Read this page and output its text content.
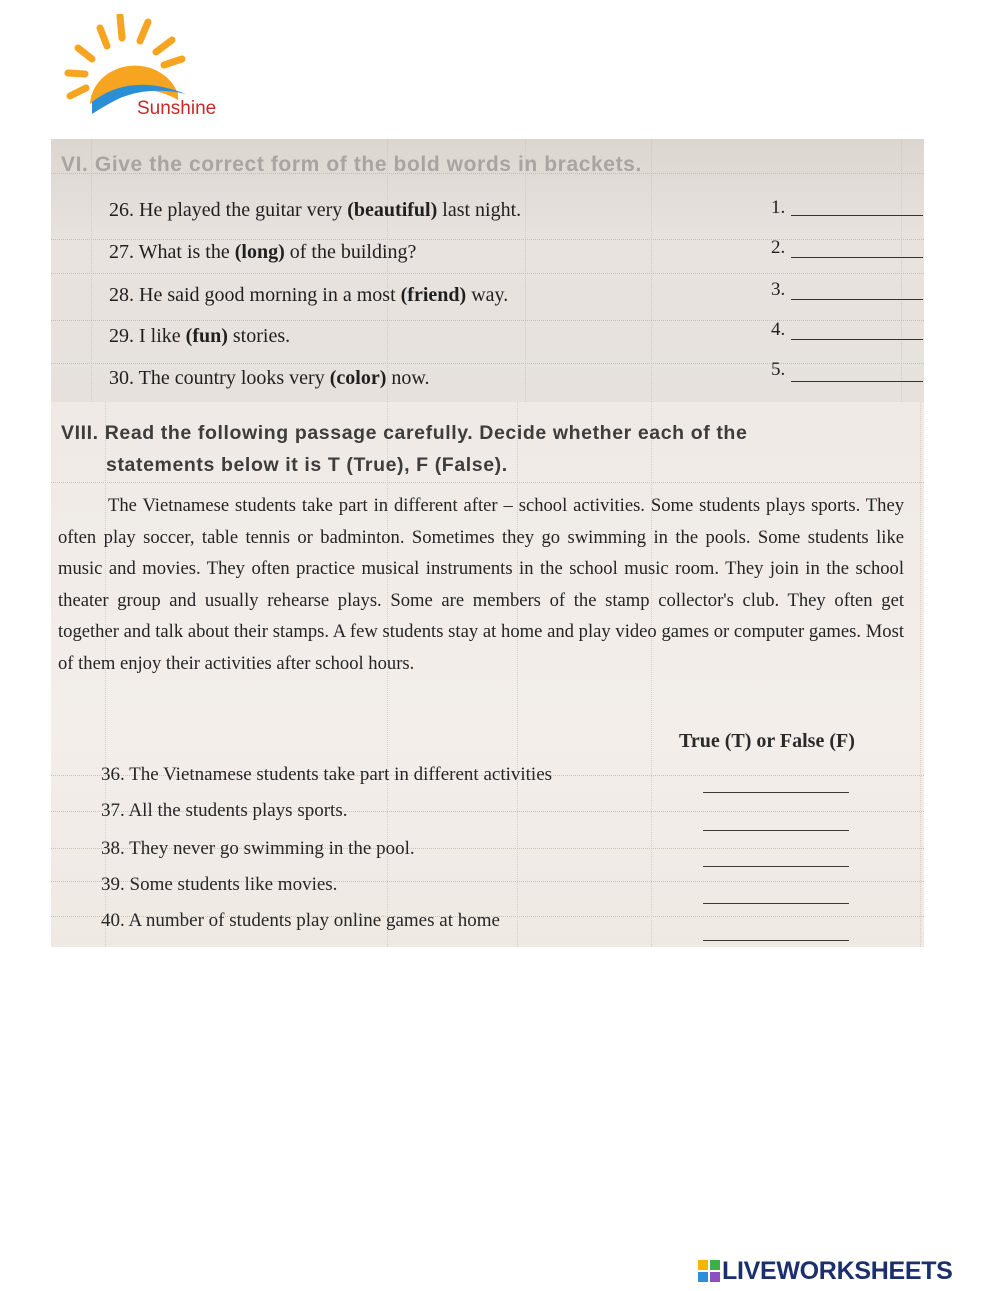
Sunshine
VI. Give the correct form of the bold words in brackets.
26. He played the guitar very (beautiful) last night.	1.
27. What is the (long) of the building?	2.
28. He said good morning in a most (friend) way.	3.
29. I like (fun) stories.	4.
30. The country looks very (color) now.	5.
VIII. Read the following passage carefully. Decide whether each of the
statements below it is T (True), F (False).
The Vietnamese students take part in different after – school activities. Some students plays sports. They often play soccer, table tennis or badminton. Sometimes they go swimming in the pools. Some students like music and movies. They often practice musical instruments in the school music room. They join in the school theater group and usually rehearse plays. Some are members of the stamp collector's club. They often get together and talk about their stamps. A few students stay at home and play video games or computer games. Most of them enjoy their activities after school hours.
True (T) or False (F)
36. The Vietnamese students take part in different activities
37. All the students plays sports.
38. They never go swimming in the pool.
39. Some students like movies.
40. A number of students play online games at home
LIVEWORKSHEETS
